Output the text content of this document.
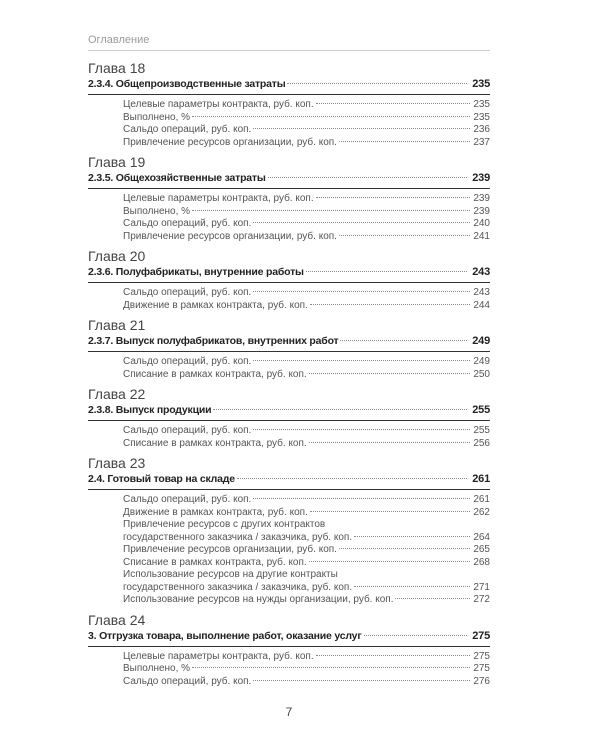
Оглавление
Глава 18
2.3.4. Общепроизводственные затраты	235
Целевые параметры контракта, руб. коп.	235
Выполнено, %	235
Сальдо операций, руб. коп.	236
Привлечение ресурсов организации, руб. коп.	237
Глава 19
2.3.5. Общехозяйственные затраты	239
Целевые параметры контракта, руб. коп.	239
Выполнено, %	239
Сальдо операций, руб. коп.	240
Привлечение ресурсов организации, руб. коп.	241
Глава 20
2.3.6. Полуфабрикаты, внутренние работы	243
Сальдо операций, руб. коп.	243
Движение в рамках контракта, руб. коп.	244
Глава 21
2.3.7. Выпуск полуфабрикатов, внутренних работ	249
Сальдо операций, руб. коп.	249
Списание в рамках контракта, руб. коп.	250
Глава 22
2.3.8. Выпуск продукции	255
Сальдо операций, руб. коп.	255
Списание в рамках контракта, руб. коп.	256
Глава 23
2.4. Готовый товар на складе	261
Сальдо операций, руб. коп.	261
Движение в рамках контракта, руб. коп.	262
Привлечение ресурсов с других контрактов
государственного заказчика / заказчика, руб. коп.	264
Привлечение ресурсов организации, руб. коп.	265
Списание в рамках контракта, руб. коп.	268
Использование ресурсов на другие контракты
государственного заказчика / заказчика, руб. коп.	271
Использование ресурсов на нужды организации, руб. коп.	272
Глава 24
3. Отгрузка товара, выполнение работ, оказание услуг	275
Целевые параметры контракта, руб. коп.	275
Выполнено, %	275
Сальдо операций, руб. коп.	276
7
